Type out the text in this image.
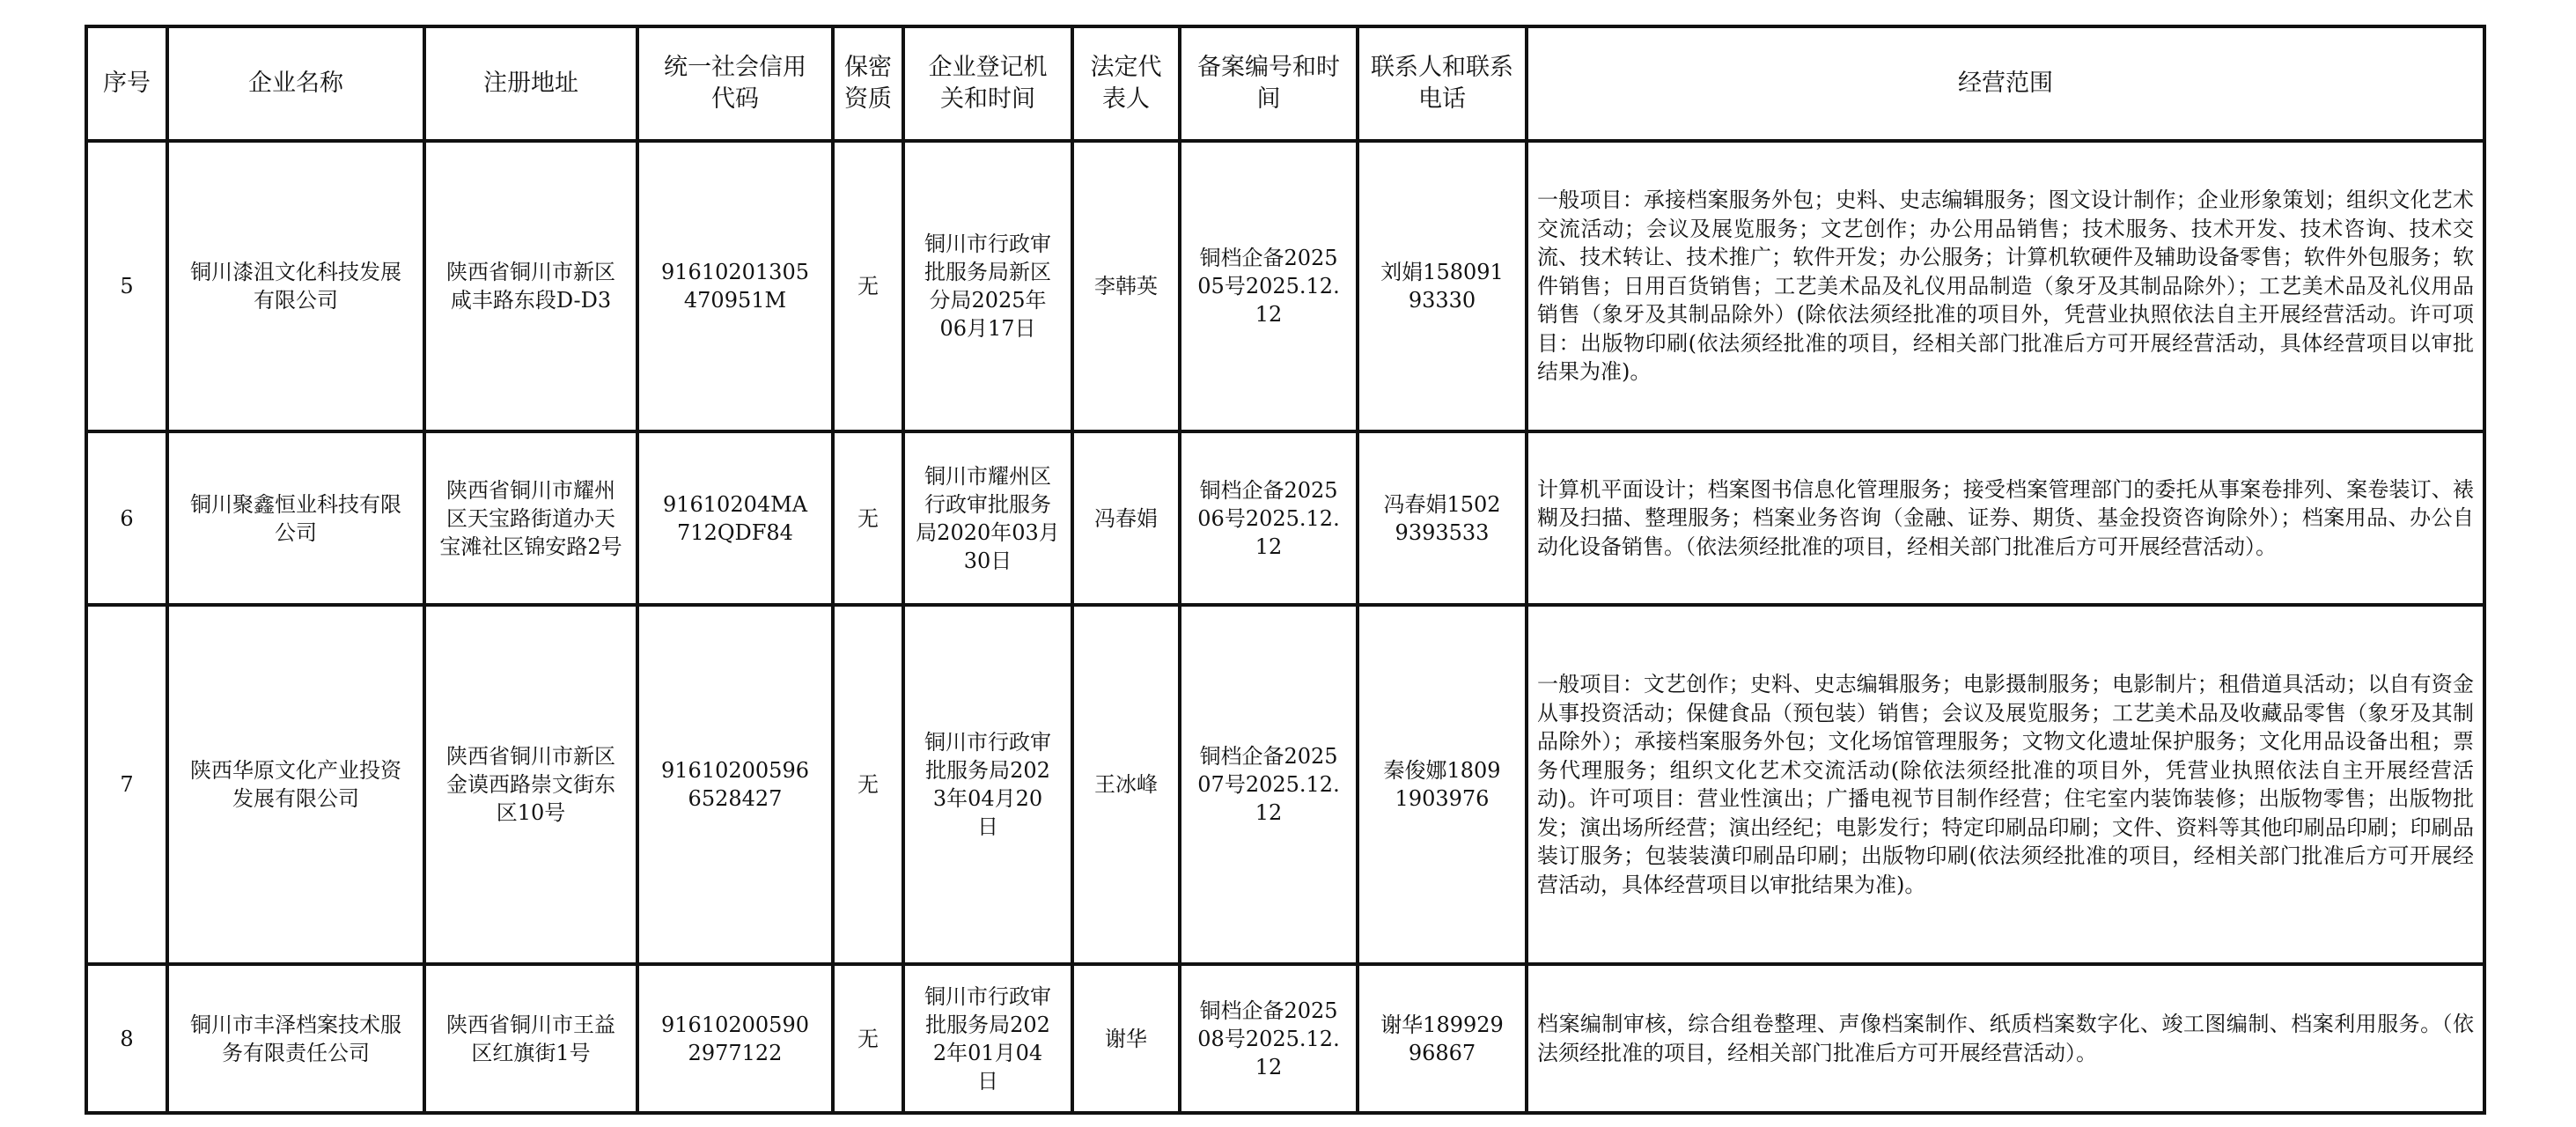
序号	企业名称	注册地址	统一社会信用代码	保密资质	企业登记机关和时间	法定代表人	备案编号和时间	联系人和联系电话	经营范围
5	铜川漆沮文化科技发展有限公司	陕西省铜川市新区咸丰路东段D-D3	91610201305470951M	无	铜川市行政审批服务局新区分局2025年06月17日	李韩英	铜档企备202505号2025.12.12	刘娟15809193330	一般项目：承接档案服务外包；史料、史志编辑服务；图文设计制作；企业形象策划；组织文化艺术交流活动；会议及展览服务；文艺创作；办公用品销售；技术服务、技术开发、技术咨询、技术交流、技术转让、技术推广；软件开发；办公服务；计算机软硬件及辅助设备零售；软件外包服务；软件销售；日用百货销售；工艺美术品及礼仪用品制造（象牙及其制品除外）；工艺美术品及礼仪用品销售（象牙及其制品除外）(除依法须经批准的项目外，凭营业执照依法自主开展经营活动。许可项目：出版物印刷(依法须经批准的项目，经相关部门批准后方可开展经营活动，具体经营项目以审批结果为准)。
6	铜川聚鑫恒业科技有限公司	陕西省铜川市耀州区天宝路街道办天宝滩社区锦安路2号	91610204MA712QDF84	无	铜川市耀州区行政审批服务局2020年03月30日	冯春娟	铜档企备202506号2025.12.12	冯春娟15029393533	计算机平面设计；档案图书信息化管理服务；接受档案管理部门的委托从事案卷排列、案卷装订、裱糊及扫描、整理服务；档案业务咨询（金融、证券、期货、基金投资咨询除外）；档案用品、办公自动化设备销售。（依法须经批准的项目，经相关部门批准后方可开展经营活动）。
7	陕西华原文化产业投资发展有限公司	陕西省铜川市新区金谟西路崇文街东区10号	916102005966528427	无	铜川市行政审批服务局2023年04月20日	王冰峰	铜档企备202507号2025.12.12	秦俊娜18091903976	一般项目：文艺创作；史料、史志编辑服务；电影摄制服务；电影制片；租借道具活动；以自有资金从事投资活动；保健食品（预包装）销售；会议及展览服务；工艺美术品及收藏品零售（象牙及其制品除外）；承接档案服务外包；文化场馆管理服务；文物文化遗址保护服务；文化用品设备出租；票务代理服务；组织文化艺术交流活动(除依法须经批准的项目外，凭营业执照依法自主开展经营活动)。许可项目：营业性演出；广播电视节目制作经营；住宅室内装饰装修；出版物零售；出版物批发；演出场所经营；演出经纪；电影发行；特定印刷品印刷；文件、资料等其他印刷品印刷；印刷品装订服务；包装装潢印刷品印刷；出版物印刷(依法须经批准的项目，经相关部门批准后方可开展经营活动，具体经营项目以审批结果为准)。
8	铜川市丰泽档案技术服务有限责任公司	陕西省铜川市王益区红旗街1号	916102005902977122	无	铜川市行政审批服务局2022年01月04日	谢华	铜档企备202508号2025.12.12	谢华18992996867	档案编制审核，综合组卷整理、声像档案制作、纸质档案数字化、竣工图编制、档案利用服务。（依法须经批准的项目，经相关部门批准后方可开展经营活动）。
